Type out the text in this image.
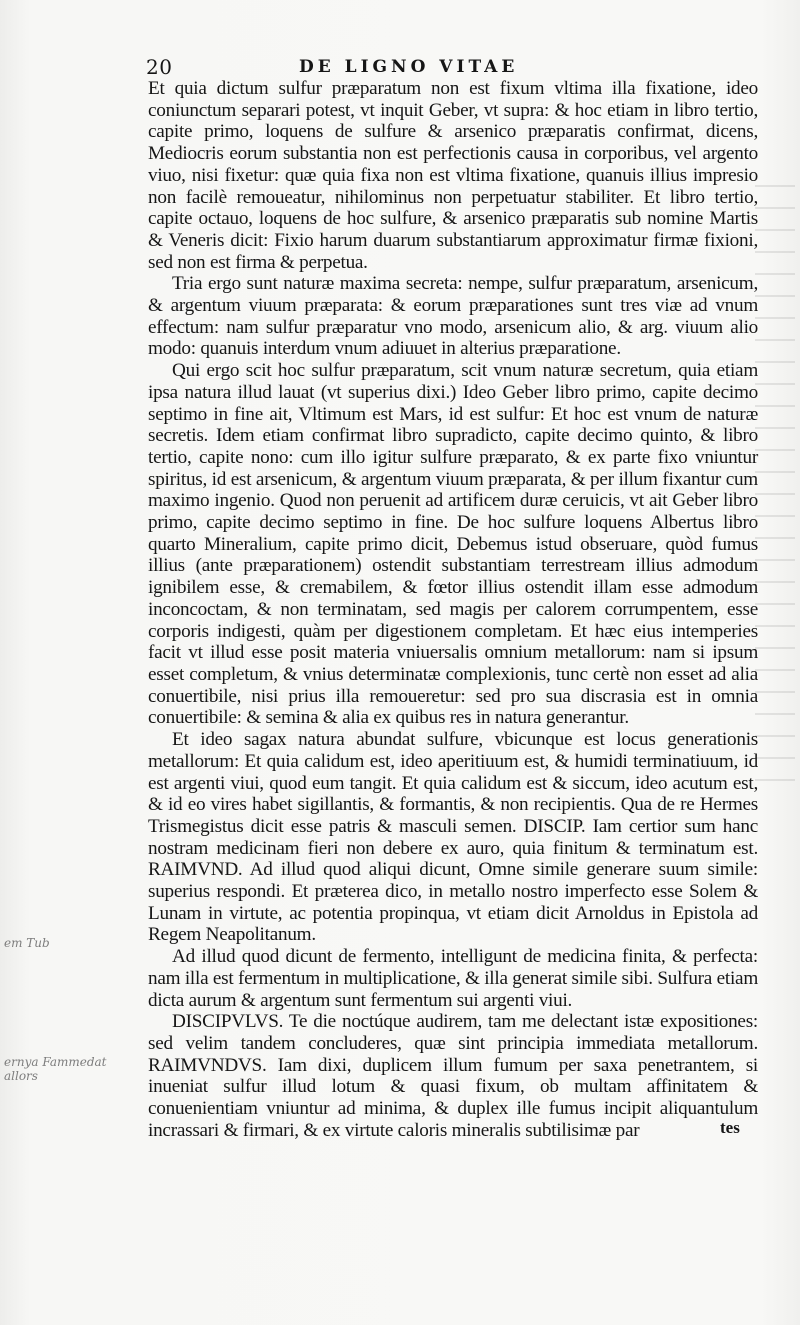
20	DE LIGNO VITAE

Et quia dictum sulfur præparatum non est fixum vltima illa fixatione, ideo coniunctum separari potest, vt inquit Geber, vt supra: & hoc etiam in libro tertio, capite primo, loquens de sulfure & arsenico præparatis confirmat, dicens, Mediocris eorum substantia non est perfectionis causa in corporibus, vel argento viuo, nisi fixetur: quæ quia fixa non est vltima fixatione, quanuis illius impresio non facilè remoueatur, nihilominus non perpetuatur stabiliter. Et libro tertio, capite octauo, loquens de hoc sulfure, & arsenico præparatis sub nomine Martis & Veneris dicit: Fixio harum duarum substantiarum approximatur firmæ fixioni, sed non est firma & perpetua.

Tria ergo sunt naturæ maxima secreta: nempe, sulfur præparatum, arsenicum, & argentum viuum præparata: & eorum præparationes sunt tres viæ ad vnum effectum: nam sulfur præparatur vno modo, arsenicum alio, & arg. viuum alio modo: quanuis interdum vnum adiuuet in alterius præparatione.

Qui ergo scit hoc sulfur præparatum, scit vnum naturæ secretum, quia etiam ipsa natura illud lauat (vt superius dixi.) Ideo Geber libro primo, capite decimo septimo in fine ait, Vltimum est Mars, id est sulfur: Et hoc est vnum de naturæ secretis. Idem etiam confirmat libro supradicto, capite decimo quinto, & libro tertio, capite nono: cum illo igitur sulfure præparato, & ex parte fixo vniuntur spiritus, id est arsenicum, & argentum viuum præparata, & per illum fixantur cum maximo ingenio. Quod non peruenit ad artificem duræ ceruicis, vt ait Geber libro primo, capite decimo septimo in fine. De hoc sulfure loquens Albertus libro quarto Mineralium, capite primo dicit, Debemus istud obseruare, quòd fumus illius (ante præparationem) ostendit substantiam terrestream illius admodum ignibilem esse, & cremabilem, & fœtor illius ostendit illam esse admodum inconcoctam, & non terminatam, sed magis per calorem corrumpentem, esse corporis indigesti, quàm per digestionem completam. Et hæc eius intemperies facit vt illud esse posit materia vniuersalis omnium metallorum: nam si ipsum esset completum, & vnius determinatæ complexionis, tunc certè non esset ad alia conuertibile, nisi prius illa remoueretur: sed pro sua discrasia est in omnia conuertibile: & semina & alia ex quibus res in natura generantur.

Et ideo sagax natura abundat sulfure, vbicunque est locus generationis metallorum: Et quia calidum est, ideo aperitiuum est, & humidi terminatiuum, id est argenti viui, quod eum tangit. Et quia calidum est & siccum, ideo acutum est, & id eo vires habet sigillantis, & formantis, & non recipientis. Qua de re Hermes Trismegistus dicit esse patris & masculi semen. DISCIP. Iam certior sum hanc nostram medicinam fieri non debere ex auro, quia finitum & terminatum est. RAIMVND. Ad illud quod aliqui dicunt, Omne simile generare suum simile: superius respondi. Et præterea dico, in metallo nostro imperfecto esse Solem & Lunam in virtute, ac potentia propinqua, vt etiam dicit Arnoldus in Epistola ad Regem Neapolitanum.

Ad illud quod dicunt de fermento, intelligunt de medicina finita, & perfecta: nam illa est fermentum in multiplicatione, & illa generat simile sibi. Sulfura etiam dicta aurum & argentum sunt fermentum sui argenti viui.

DISCIPVLVS. Te die noctúque audirem, tam me delectant istæ expositiones: sed velim tandem concluderes, quæ sint principia immediata metallorum. RAIMVNDVS. Iam dixi, duplicem illum fumum per saxa penetrantem, si inueniat sulfur illud lotum & quasi fixum, ob multam affinitatem & conuenientiam vniuntur ad minima, & duplex ille fumus incipit aliquantulum incrassari & firmari, & ex virtute caloris mineralis subtilisimæ par	tes
em Tub
ernya Fammedat
allors
